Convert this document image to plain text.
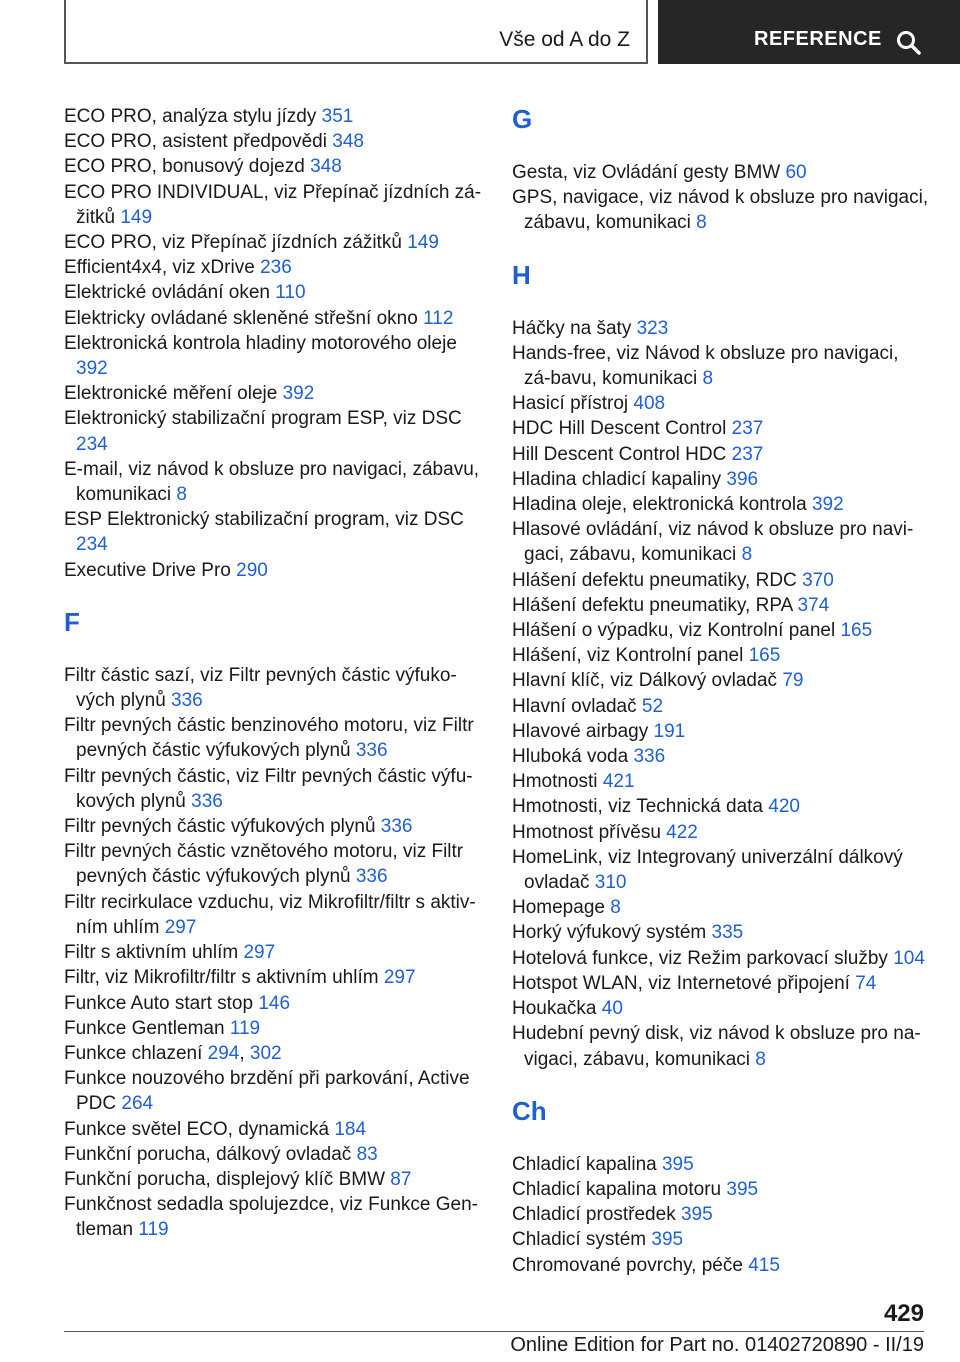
Vše od A do Z	REFERENCE

ECO PRO, analýza stylu jízdy 351

ECO PRO, asistent předpovědi 348

ECO PRO, bonusový dojezd 348

ECO PRO INDIVIDUAL, viz Přepínač jízdních zá-žitků 149

ECO PRO, viz Přepínač jízdních zážitků 149

Efficient4x4, viz xDrive 236

Elektrické ovládání oken 110

Elektricky ovládané skleněné střešní okno 112

Elektronická kontrola hladiny motorového oleje 392

Elektronické měření oleje 392

Elektronický stabilizační program ESP, viz DSC 234

E-mail, viz návod k obsluze pro navigaci, zábavu, komunikaci 8

ESP Elektronický stabilizační program, viz DSC 234

Executive Drive Pro 290

F

Filtr částic sazí, viz Filtr pevných částic výfuko-vých plynů 336

Filtr pevných částic benzinového motoru, viz Filtr pevných částic výfukových plynů 336

Filtr pevných částic, viz Filtr pevných částic výfu-kových plynů 336

Filtr pevných částic výfukových plynů 336

Filtr pevných částic vznětového motoru, viz Filtr pevných částic výfukových plynů 336

Filtr recirkulace vzduchu, viz Mikrofiltr/filtr s aktiv-ním uhlím 297

Filtr s aktivním uhlím 297

Filtr, viz Mikrofiltr/filtr s aktivním uhlím 297

Funkce Auto start stop 146

Funkce Gentleman 119

Funkce chlazení 294, 302

Funkce nouzového brzdění při parkování, Active PDC 264

Funkce světel ECO, dynamická 184

Funkční porucha, dálkový ovladač 83

Funkční porucha, displejový klíč BMW 87

Funkčnost sedadla spolujezdce, viz Funkce Gen-tleman 119

G

Gesta, viz Ovládání gesty BMW 60

GPS, navigace, viz návod k obsluze pro navigaci, zábavu, komunikaci 8

H

Háčky na šaty 323

Hands-free, viz Návod k obsluze pro navigaci, zá-bavu, komunikaci 8

Hasicí přístroj 408

HDC Hill Descent Control 237

Hill Descent Control HDC 237

Hladina chladicí kapaliny 396

Hladina oleje, elektronická kontrola 392

Hlasové ovládání, viz návod k obsluze pro navi-gaci, zábavu, komunikaci 8

Hlášení defektu pneumatiky, RDC 370

Hlášení defektu pneumatiky, RPA 374

Hlášení o výpadku, viz Kontrolní panel 165

Hlášení, viz Kontrolní panel 165

Hlavní klíč, viz Dálkový ovladač 79

Hlavní ovladač 52

Hlavové airbagy 191

Hluboká voda 336

Hmotnosti 421

Hmotnosti, viz Technická data 420

Hmotnost přívěsu 422

HomeLink, viz Integrovaný univerzální dálkový ovladač 310

Homepage 8

Horký výfukový systém 335

Hotelová funkce, viz Režim parkovací služby 104

Hotspot WLAN, viz Internetové připojení 74

Houkačka 40

Hudební pevný disk, viz návod k obsluze pro na-vigaci, zábavu, komunikaci 8

Ch

Chladicí kapalina 395

Chladicí kapalina motoru 395

Chladicí prostředek 395

Chladicí systém 395

Chromované povrchy, péče 415

429
Online Edition for Part no. 01402720890 - II/19
